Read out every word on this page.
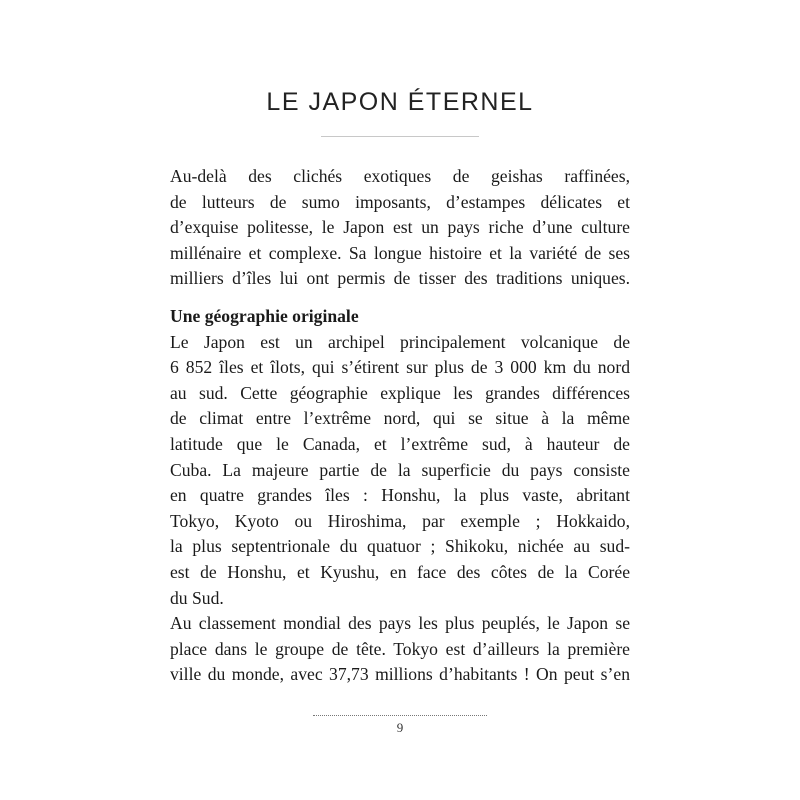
LE JAPON ÉTERNEL
Au-delà des clichés exotiques de geishas raffinées,
de lutteurs de sumo imposants, d’estampes délicates et
d’exquise politesse, le Japon est un pays riche d’une culture
millénaire et complexe. Sa longue histoire et la variété de ses
milliers d’îles lui ont permis de tisser des traditions uniques.
Une géographie originale
Le Japon est un archipel principalement volcanique de
6 852 îles et îlots, qui s’étirent sur plus de 3 000 km du nord
au sud. Cette géographie explique les grandes différences
de climat entre l’extrême nord, qui se situe à la même
latitude que le Canada, et l’extrême sud, à hauteur de
Cuba. La majeure partie de la superficie du pays consiste
en quatre grandes îles : Honshu, la plus vaste, abritant
Tokyo, Kyoto ou Hiroshima, par exemple ; Hokkaido,
la plus septentrionale du quatuor ; Shikoku, nichée au sud-
est de Honshu, et Kyushu, en face des côtes de la Corée
du Sud.
Au classement mondial des pays les plus peuplés, le Japon se
place dans le groupe de tête. Tokyo est d’ailleurs la première
ville du monde, avec 37,73 millions d’habitants ! On peut s’en
9
